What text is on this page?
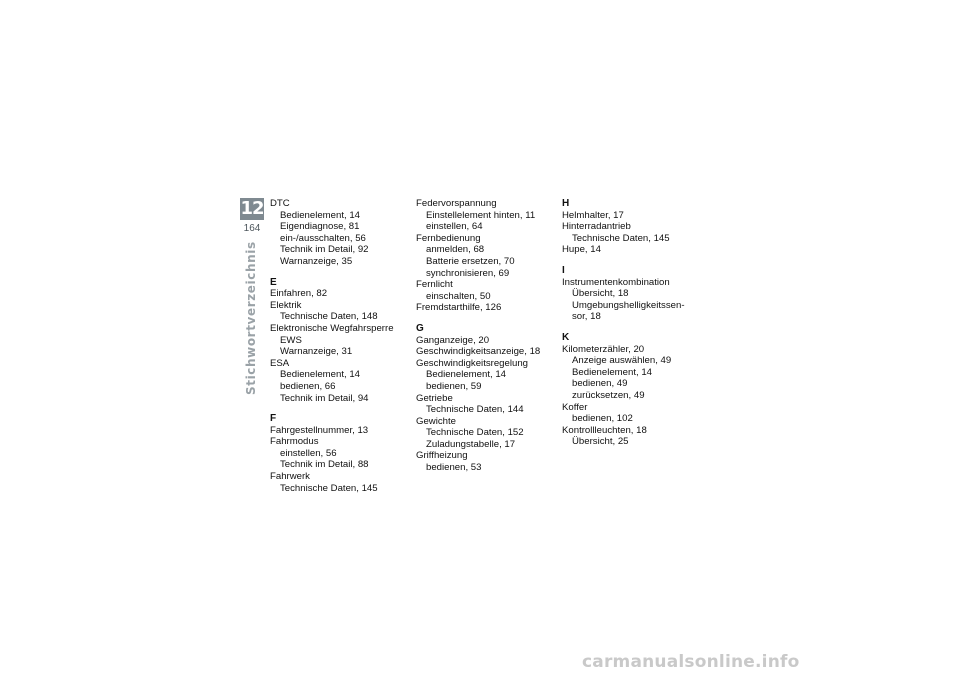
12
164
Stichwortverzeichnis
DTC
Bedienelement, 14
Eigendiagnose, 81
ein-/ausschalten, 56
Technik im Detail, 92
Warnanzeige, 35
E
Einfahren, 82
Elektrik
Technische Daten, 148
Elektronische Wegfahrsperre
EWS
Warnanzeige, 31
ESA
Bedienelement, 14
bedienen, 66
Technik im Detail, 94
F
Fahrgestellnummer, 13
Fahrmodus
einstellen, 56
Technik im Detail, 88
Fahrwerk
Technische Daten, 145
Federvorspannung
Einstellelement hinten, 11
einstellen, 64
Fernbedienung
anmelden, 68
Batterie ersetzen, 70
synchronisieren, 69
Fernlicht
einschalten, 50
Fremdstarthilfe, 126
G
Ganganzeige, 20
Geschwindigkeitsanzeige, 18
Geschwindigkeitsregelung
Bedienelement, 14
bedienen, 59
Getriebe
Technische Daten, 144
Gewichte
Technische Daten, 152
Zuladungstabelle, 17
Griffheizung
bedienen, 53
H
Helmhalter, 17
Hinterradantrieb
Technische Daten, 145
Hupe, 14
I
Instrumentenkombination
Übersicht, 18
Umgebungshelligkeitssen-
sor, 18
K
Kilometerzähler, 20
Anzeige auswählen, 49
Bedienelement, 14
bedienen, 49
zurücksetzen, 49
Koffer
bedienen, 102
Kontrollleuchten, 18
Übersicht, 25
carmanualsonline.info
